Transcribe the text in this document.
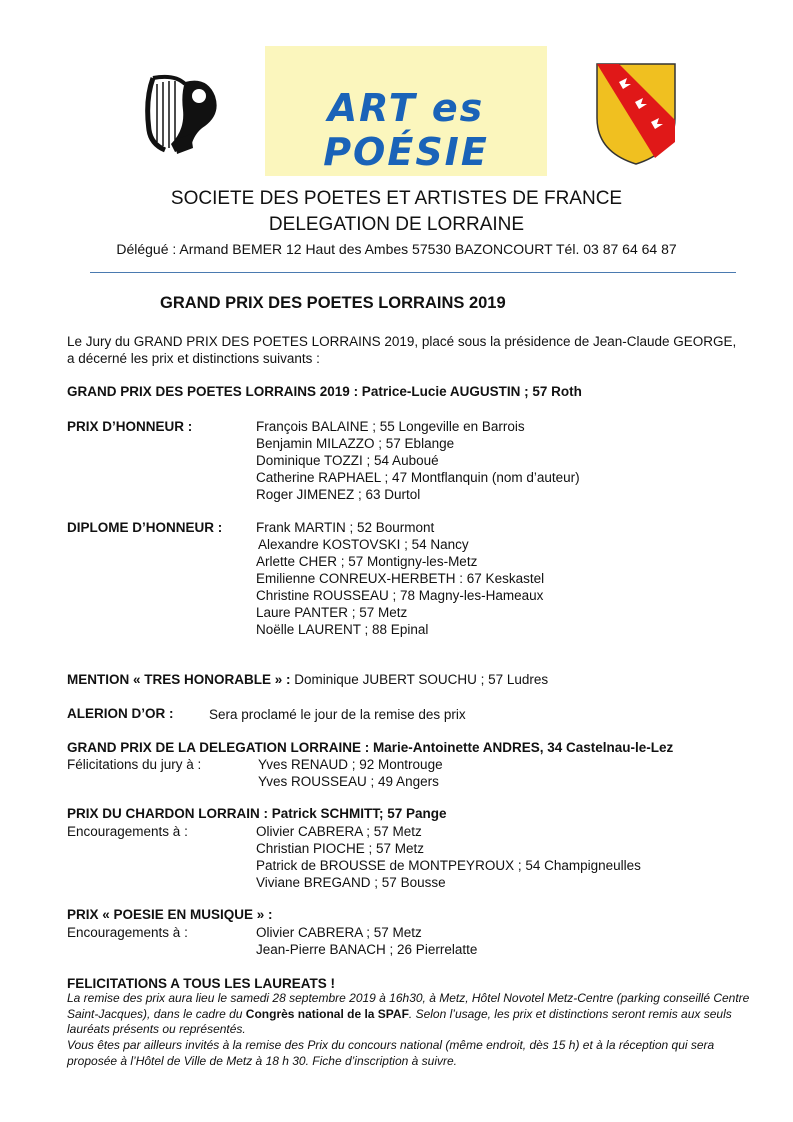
ART es POÉSIE
SOCIETE DES POETES ET ARTISTES DE FRANCE
DELEGATION DE LORRAINE
Délégué : Armand BEMER 12 Haut des Ambes 57530 BAZONCOURT Tél. 03 87 64 64 87
GRAND PRIX DES POETES LORRAINS 2019
Le Jury du GRAND PRIX DES POETES LORRAINS 2019, placé sous la présidence de Jean-Claude GEORGE, a décerné les prix et distinctions suivants :
GRAND PRIX DES POETES LORRAINS 2019 : Patrice-Lucie AUGUSTIN ; 57 Roth
PRIX D’HONNEUR :	François BALAINE ; 55 Longeville en Barrois
Benjamin MILAZZO ; 57 Eblange
Dominique TOZZI ; 54 Auboué
Catherine RAPHAEL ; 47 Montflanquin (nom d’auteur)
Roger JIMENEZ ; 63 Durtol
DIPLOME D’HONNEUR :	Frank MARTIN ; 52 Bourmont
Alexandre KOSTOVSKI ; 54 Nancy
Arlette CHER ; 57 Montigny-les-Metz
Emilienne CONREUX-HERBETH : 67 Keskastel
Christine ROUSSEAU ; 78 Magny-les-Hameaux
Laure PANTER ; 57 Metz
Noëlle LAURENT ; 88 Epinal
MENTION « TRES HONORABLE » : Dominique JUBERT SOUCHU ; 57 Ludres
ALERION D’OR :	Sera proclamé le jour de la remise des prix
GRAND PRIX DE LA DELEGATION LORRAINE : Marie-Antoinette ANDRES, 34 Castelnau-le-Lez
Félicitations du jury à :	Yves RENAUD ; 92 Montrouge
Yves ROUSSEAU ; 49 Angers
PRIX DU CHARDON LORRAIN : Patrick SCHMITT; 57 Pange
Encouragements à :	Olivier CABRERA ; 57 Metz
Christian PIOCHE ; 57 Metz
Patrick de BROUSSE de MONTPEYROUX ; 54 Champigneulles
Viviane BREGAND ; 57 Bousse
PRIX « POESIE EN MUSIQUE » :
Encouragements à :	Olivier CABRERA ; 57 Metz
Jean-Pierre BANACH ; 26 Pierrelatte
FELICITATIONS A TOUS LES LAUREATS !
La remise des prix aura lieu le samedi 28 septembre 2019 à 16h30, à Metz, Hôtel Novotel Metz-Centre (parking conseillé Centre Saint-Jacques), dans le cadre du Congrès national de la SPAF. Selon l’usage, les prix et distinctions seront remis aux seuls lauréats présents ou représentés.
Vous êtes par ailleurs invités à la remise des Prix du concours national (même endroit, dès 15 h) et à la réception qui sera proposée à l’Hôtel de Ville de Metz à 18 h 30. Fiche d’inscription à suivre.
